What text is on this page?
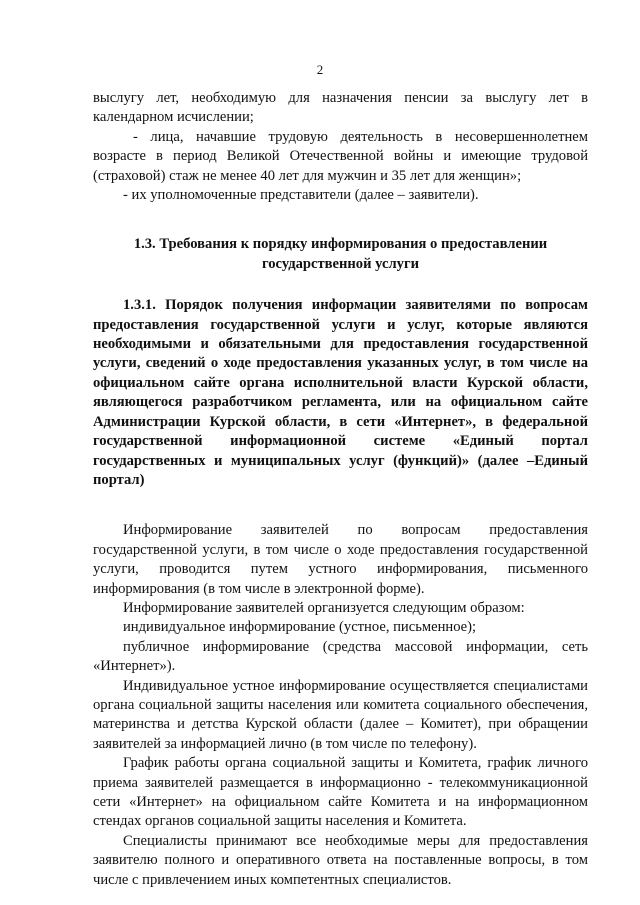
2

выслугу лет, необходимую для назначения пенсии за выслугу лет в календарном исчислении;

- лица, начавшие трудовую деятельность в несовершеннолетнем возрасте в период Великой Отечественной войны и имеющие трудовой (страховой) стаж не менее 40 лет для мужчин и 35 лет для женщин»;

- их уполномоченные представители (далее – заявители).

1.3. Требования к порядку информирования о предоставлении государственной услуги

1.3.1. Порядок получения информации заявителями по вопросам предоставления государственной услуги и услуг, которые являются необходимыми и обязательными для предоставления государственной услуги, сведений о ходе предоставления указанных услуг, в том числе на официальном сайте органа исполнительной власти Курской области, являющегося разработчиком регламента, или на официальном сайте Администрации Курской области, в сети «Интернет», в федеральной государственной информационной системе «Единый портал государственных и муниципальных услуг (функций)» (далее –Единый портал)

Информирование заявителей по вопросам предоставления государственной услуги, в том числе о ходе предоставления государственной услуги, проводится путем устного информирования, письменного информирования (в том числе в электронной форме).

Информирование заявителей организуется следующим образом:

индивидуальное информирование (устное, письменное);

публичное информирование (средства массовой информации, сеть «Интернет»).

Индивидуальное устное информирование осуществляется специалистами органа социальной защиты населения или комитета социального обеспечения, материнства и детства Курской области (далее – Комитет), при обращении заявителей за информацией лично (в том числе по телефону).

График работы органа социальной защиты и Комитета, график личного приема заявителей размещается в информационно - телекоммуникационной сети «Интернет» на официальном сайте Комитета и на информационном стендах органов социальной защиты населения и Комитета.

Специалисты принимают все необходимые меры для предоставления заявителю полного и оперативного ответа на поставленные вопросы, в том числе с привлечением иных компетентных специалистов.
